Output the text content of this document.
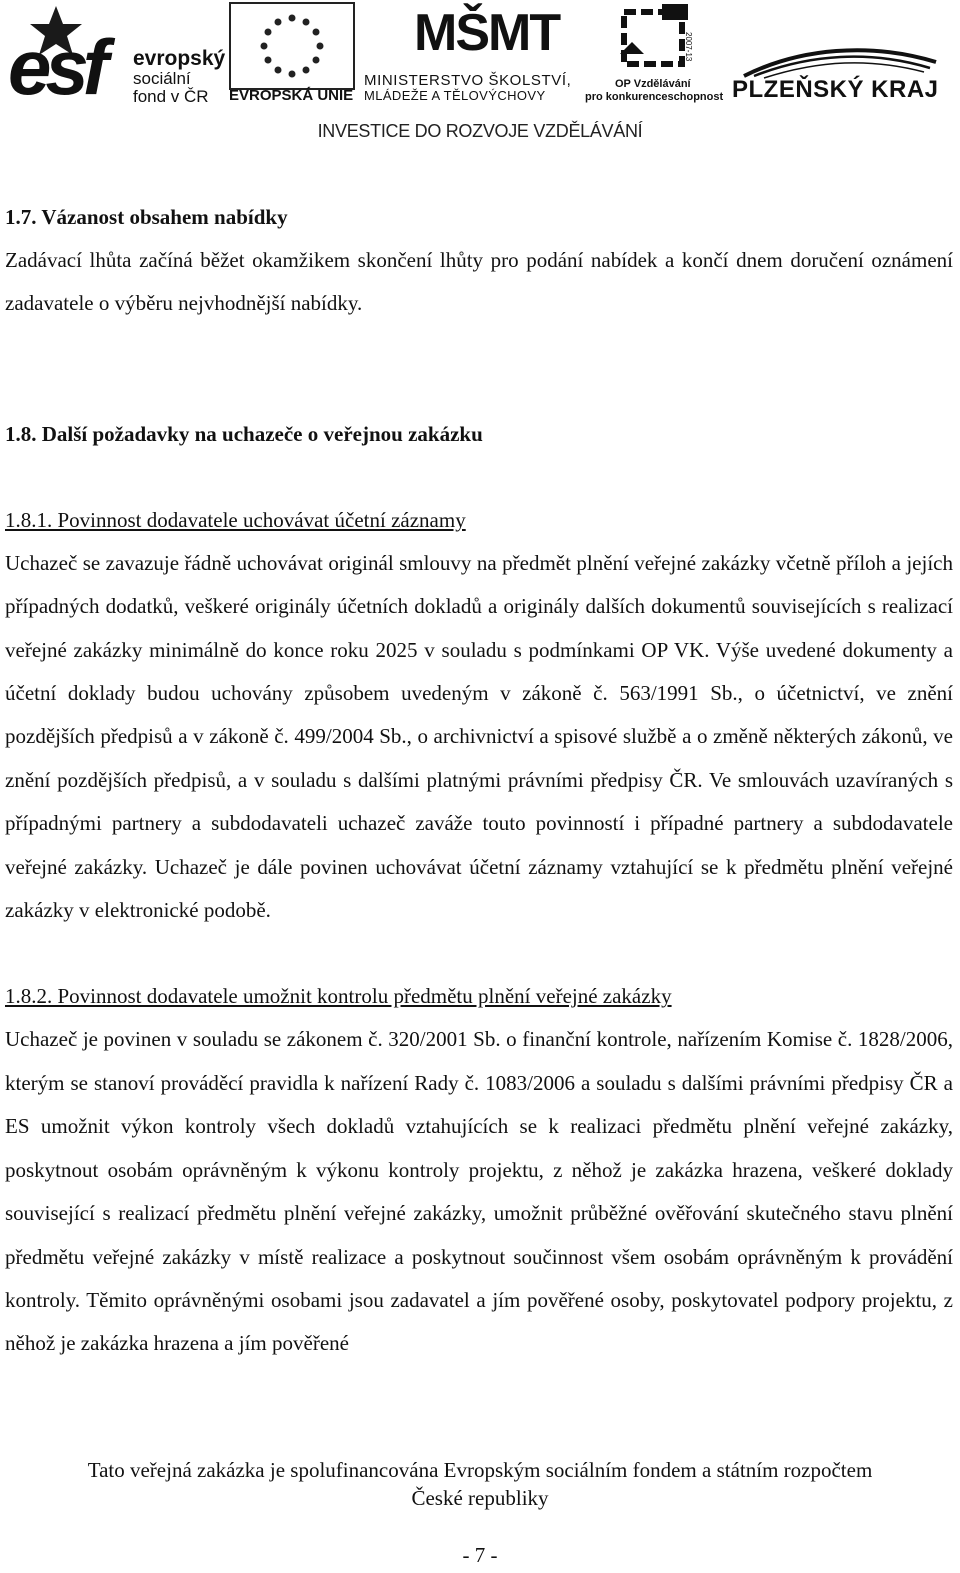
esf evropský
sociální
fond v ČR EVROPSKÁ UNIE
MŠMT
MINISTERSTVO ŠKOLSTVÍ,
MLÁDEŽE A TĚLOVÝCHOVY
2007-13
OP Vzdělávání
pro konkurenceschopnost PLZEŇSKÝ KRAJ
INVESTICE DO ROZVOJE VZDĚLÁVÁNÍ
1.7. Vázanost obsahem nabídky
Zadávací lhůta začíná běžet okamžikem skončení lhůty pro podání nabídek a končí dnem doručení oznámení zadavatele o výběru nejvhodnější nabídky.
1.8. Další požadavky na uchazeče o veřejnou zakázku
1.8.1. Povinnost dodavatele uchovávat účetní záznamy
Uchazeč se zavazuje řádně uchovávat originál smlouvy na předmět plnění veřejné zakázky včetně příloh a jejích případných dodatků, veškeré originály účetních dokladů a originály dalších dokumentů souvisejících s realizací veřejné zakázky minimálně do konce roku 2025 v souladu s podmínkami OP VK. Výše uvedené dokumenty a účetní doklady budou uchovány způsobem uvedeným v zákoně č. 563/1991 Sb., o účetnictví, ve znění pozdějších předpisů a v zákoně č. 499/2004 Sb., o archivnictví a spisové službě a o změně některých zákonů, ve znění pozdějších předpisů, a v souladu s dalšími platnými právními předpisy ČR. Ve smlouvách uzavíraných s případnými partnery a subdodavateli uchazeč zaváže touto povinností i případné partnery a subdodavatele veřejné zakázky. Uchazeč je dále povinen uchovávat účetní záznamy vztahující se k předmětu plnění veřejné zakázky v elektronické podobě.
1.8.2. Povinnost dodavatele umožnit kontrolu předmětu plnění veřejné zakázky
Uchazeč je povinen v souladu se zákonem č. 320/2001 Sb. o finanční kontrole, nařízením Komise č. 1828/2006, kterým se stanoví prováděcí pravidla k nařízení Rady č. 1083/2006 a souladu s dalšími právními předpisy ČR a ES umožnit výkon kontroly všech dokladů vztahujících se k realizaci předmětu plnění veřejné zakázky, poskytnout osobám oprávněným k výkonu kontroly projektu, z něhož je zakázka hrazena, veškeré doklady související s realizací předmětu plnění veřejné zakázky, umožnit průběžné ověřování skutečného stavu plnění předmětu veřejné zakázky v místě realizace a poskytnout součinnost všem osobám oprávněným k provádění kontroly. Těmito oprávněnými osobami jsou zadavatel a jím pověřené osoby, poskytovatel podpory projektu, z něhož je zakázka hrazena a jím pověřené
Tato veřejná zakázka je spolufinancována Evropským sociálním fondem a státním rozpočtem
České republiky
- 7 -
